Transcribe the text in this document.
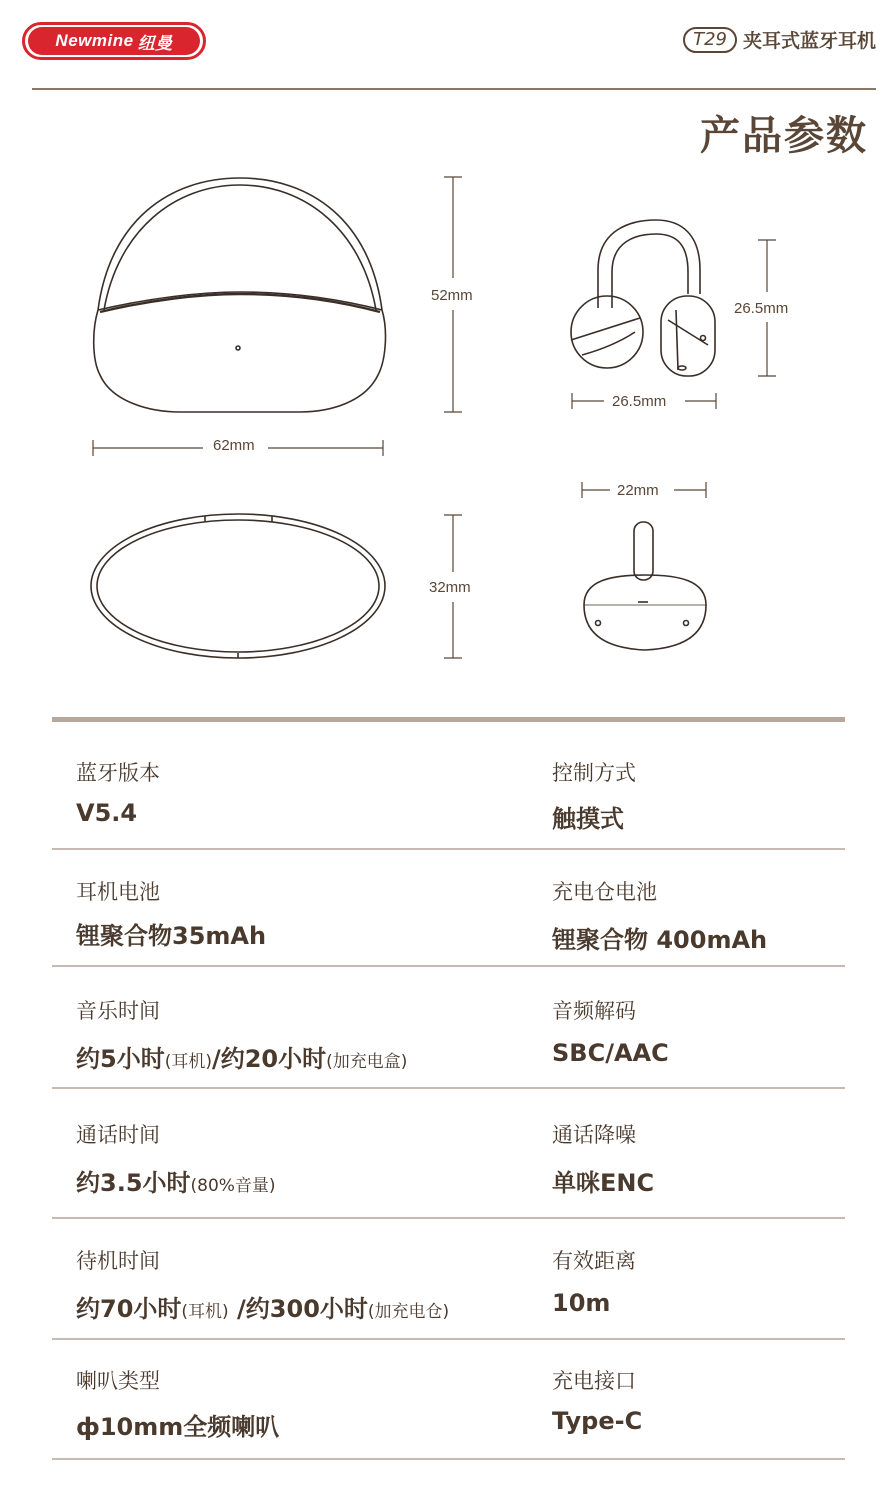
Newmine 纽曼	T29 夹耳式蓝牙耳机
产品参数
52mm
62mm
32mm
26.5mm
26.5mm
22mm
蓝牙版本
V5.4
控制方式
触摸式
耳机电池
锂聚合物35mAh
充电仓电池
锂聚合物 400mAh
音乐时间
约5小时(耳机)/约20小时(加充电盒)
音频解码
SBC/AAC
通话时间
约3.5小时(80%音量)
通话降噪
单咪ENC
待机时间
约70小时(耳机) /约300小时(加充电仓)
有效距离
10m
喇叭类型
ф10mm全频喇叭
充电接口
Type-C
